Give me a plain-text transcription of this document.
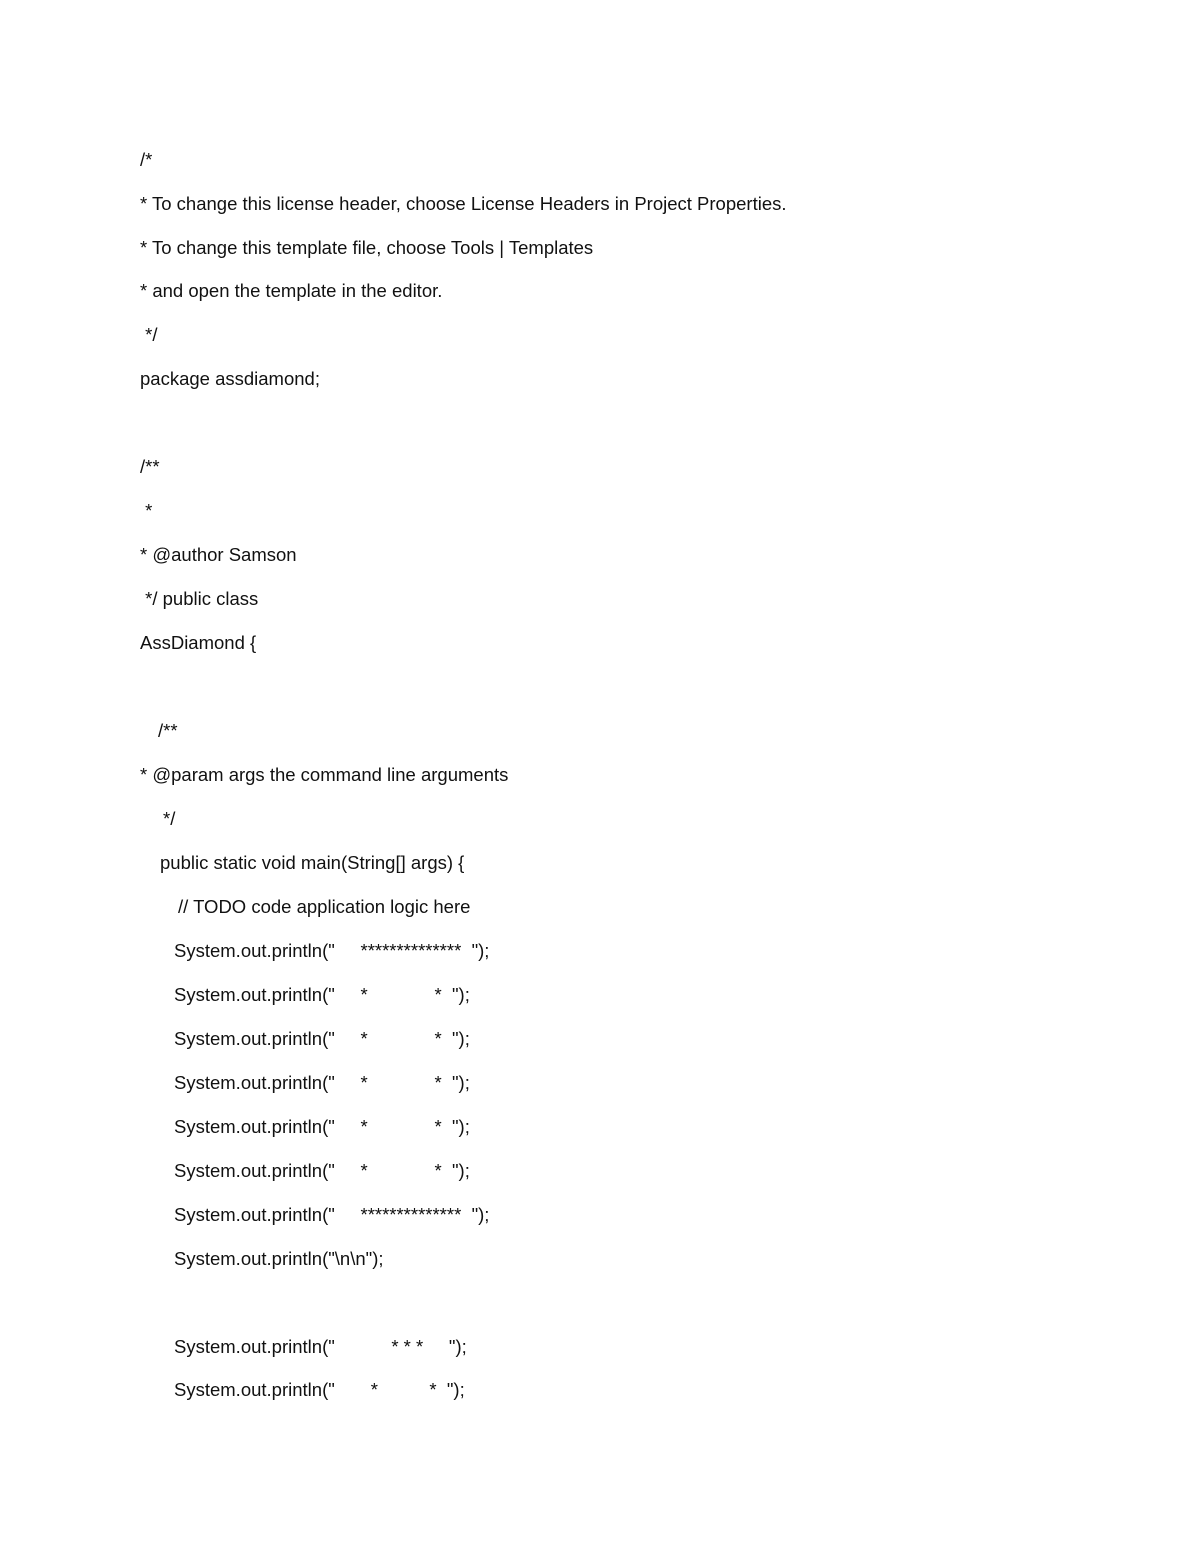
/*
* To change this license header, choose License Headers in Project Properties.
* To change this template file, choose Tools | Templates
* and open the template in the editor.
*/
package assdiamond;
/**
*
* @author Samson
*/ public class
AssDiamond {
/**
* @param args the command line arguments
*/
public static void main(String[] args) {
// TODO code application logic here
System.out.println("     **************  ");
System.out.println("     *             *  ");
System.out.println("     *             *  ");
System.out.println("     *             *  ");
System.out.println("     *             *  ");
System.out.println("     *             *  ");
System.out.println("     **************  ");
System.out.println("\n\n");
System.out.println("           * * *     ");
System.out.println("       *          *  ");
